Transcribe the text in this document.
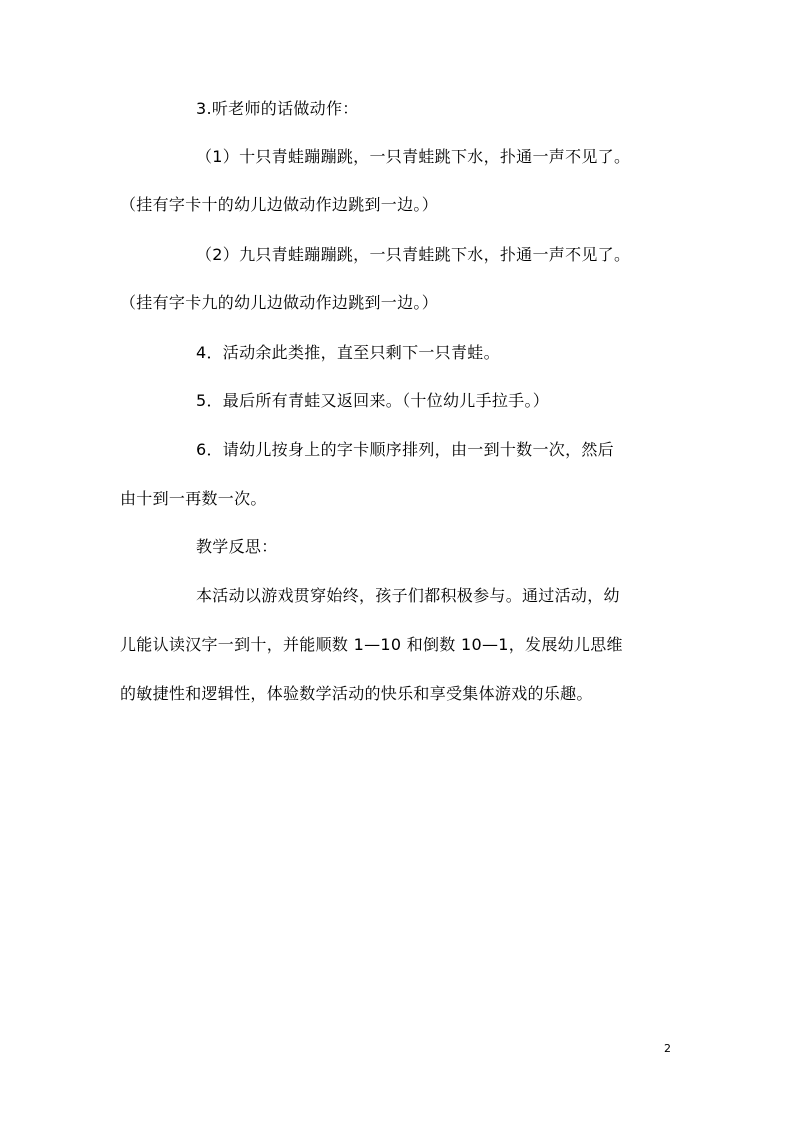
3.听老师的话做动作：
（1）十只青蛙蹦蹦跳，一只青蛙跳下水，扑通一声不见了。
（挂有字卡十的幼儿边做动作边跳到一边。）
（2）九只青蛙蹦蹦跳，一只青蛙跳下水，扑通一声不见了。
（挂有字卡九的幼儿边做动作边跳到一边。）
4．活动余此类推，直至只剩下一只青蛙。
5．最后所有青蛙又返回来。（十位幼儿手拉手。）
6．请幼儿按身上的字卡顺序排列，由一到十数一次，然后
由十到一再数一次。
教学反思：
本活动以游戏贯穿始终，孩子们都积极参与。通过活动，幼
儿能认读汉字一到十，并能顺数 1—10 和倒数 10—1，发展幼儿思维
的敏捷性和逻辑性，体验数学活动的快乐和享受集体游戏的乐趣。
2
